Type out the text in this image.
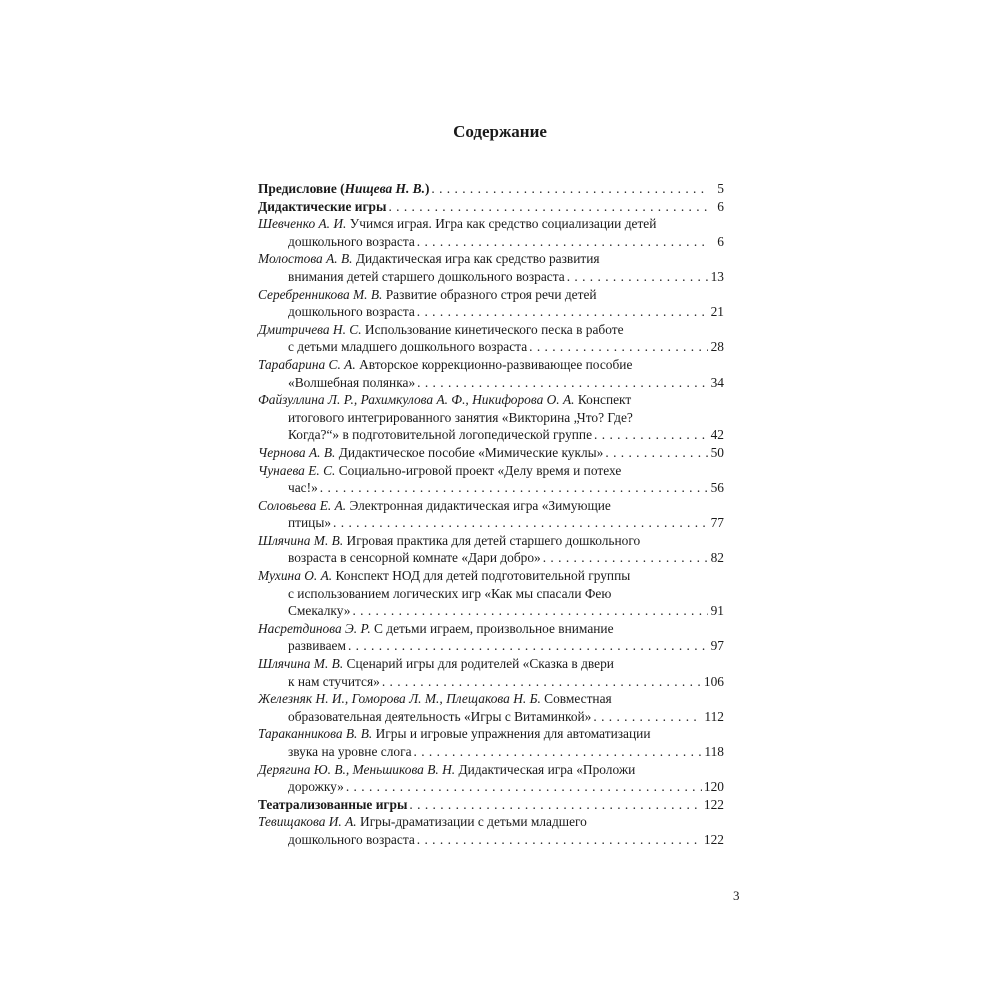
Содержание
Предисловие (Нищева Н. В.) . . .	5
Дидактические игры . . .	6
Шевченко А. И. Учимся играя. Игра как средство социализации детей
дошкольного возраста . . .	6
Молостова А. В. Дидактическая игра как средство развития
внимания детей старшего дошкольного возраста . . .	13
Серебренникова М. В. Развитие образного строя речи детей
дошкольного возраста . . .	21
Дмитричева Н. С. Использование кинетического песка в работе
с детьми младшего дошкольного возраста . . .	28
Тарабарина С. А. Авторское коррекционно-развивающее пособие
«Волшебная полянка» . . .	34
Файзуллина Л. Р., Рахимкулова А. Ф., Никифорова О. А. Конспект
итогового интегрированного занятия «Викторина „Что? Где?
Когда?“» в подготовительной логопедической группе . . .	42
Чернова А. В. Дидактическое пособие «Мимические куклы» . . .	50
Чунаева Е. С. Социально-игровой проект «Делу время и потехе
час!» . . .	56
Соловьева Е. А. Электронная дидактическая игра «Зимующие
птицы» . . .	77
Шлячина М. В. Игровая практика для детей старшего дошкольного
возраста в сенсорной комнате «Дари добро» . . .	82
Мухина О. А. Конспект НОД для детей подготовительной группы
с использованием логических игр «Как мы спасали Фею
Смекалку» . . .	91
Насретдинова Э. Р. С детьми играем, произвольное внимание
развиваем . . .	97
Шлячина М. В. Сценарий игры для родителей «Сказка в двери
к нам стучится» . . .	106
Железняк Н. И., Гоморова Л. М., Плещакова Н. Б. Совместная
образовательная деятельность «Игры с Витаминкой» . . .	112
Тараканникова В. В. Игры и игровые упражнения для автоматизации
звука на уровне слога . . .	118
Дерягина Ю. В., Меньшикова В. Н. Дидактическая игра «Проложи
дорожку» . . .	120
Театрализованные игры . . .	122
Тевищакова И. А. Игры-драматизации с детьми младшего
дошкольного возраста . . .	122
3
